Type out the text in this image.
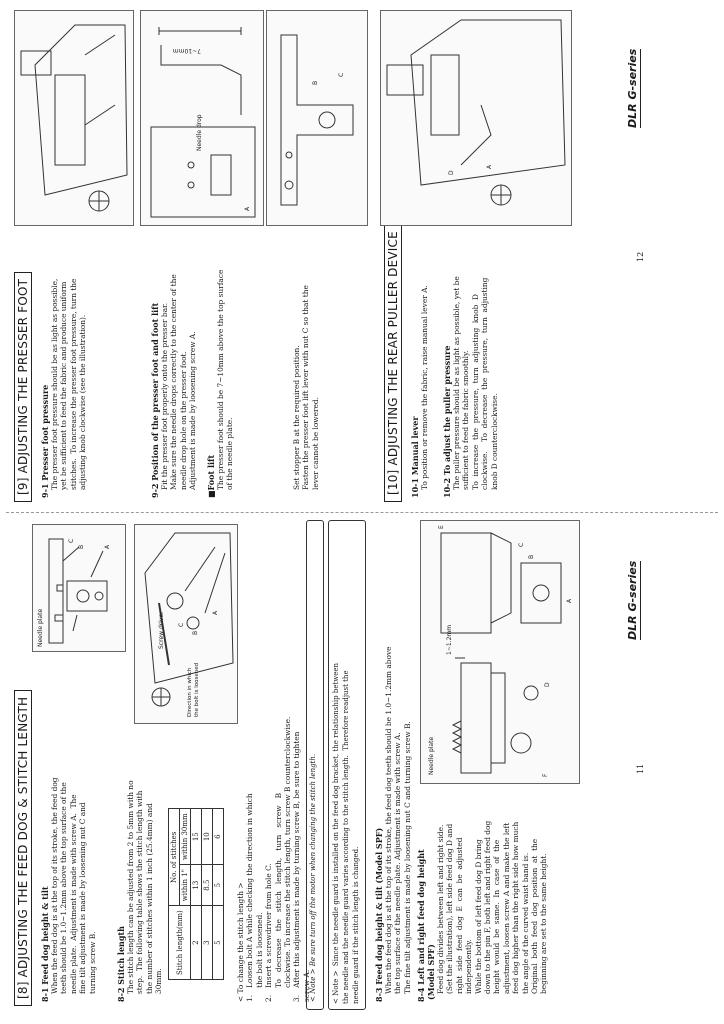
[8] ADJUSTING THE FEED DOG & STITCH LENGTH 8-1 Feed dog height & tilt When the feed dog is at the top of its stroke, the feed dog teeth should be 1.0~1.2mm above the top surface of the needle plate.  Adjustment is made with screw A.  The fine tilt adjustment is made by loosening nut C and turning screw B.
Needle plate
B
C
A
8-2 Stitch length The stitch length can be adjusted from 2 to 5mm with no step.  The following table shows the stitch length with the number of stitches within 1 inch (25.4mm) and 30mm.
Stitch length(mm)	No. of stitches	
	within 1"	within 30mm
2	13	15
3	8.5	10
5	5	6
Screw driver C
B
A
Direction in which the bolt is loosened
< To change the stitch length > 1.   Loosen bolt A while checking the direction in which the bolt is loosened. 2.   Insert a screwdriver from hole C. To   decrease   the   stitch   length,   turn   screw   B
clockwise. To increase the stitch length, turn screw B counterclockwise. 3.   After this adjustment is made by turning screw B, be sure to tighten screw A.
< Note > Be sure turn off the motor when changing the stitch length. < Note >  Since the needle guard is installed on the feed dog bracket, the relationship between the needle and the needle guard varies according to the stitch length.  Therefore readjust the needle guard if the stitch length is changed. 8-3 Feed dog height & tilt (Model SPF) When the feed dog is at the top of its stroke, the feed dog teeth should be 1.0~1.2mm above the top surface of the needle plate. Adjustment is made with screw A. The fine tilt adjustment is made by loosening nut C and turning screw B. 8-4 Left and right feed dog height (Model SPF) Feed dog divides between left and right side. (Set the illustration), left side feed dog D and right  side  feed  dog  E  can  be  adjusted independently. While the bottom of left feed dog D bring down to the pin F, both left and right feed dog height  would  be  same.  In  case  of  the adjustment, loosen screw A and make the left feed dog higher than the right side how much the angle of the curved waist band is. Original  both  feed  dog  position  at  the beginning are set to the same height.
Needle plate
1~1.2mm
F
D
E
C
B
A
11
DLR G-series
[9] ADJUSTING THE PRESSER FOOT 9-1 Presser foot pressure The presser foot pressure should be as light as possible, yet be sufficient to feed the fabric and produce uniform stitches.  To increase the presser foot pressure, turn the adjusting knob clockwise (see the illustration).	9-2 Position of the presser foot and foot lift Fit the presser foot properly onto the presser bar. Make sure the needle drops correctly to the center of the needle drop hole on the presser foot. Adjustment is made by loosening screw A. ■Foot lift The presser foot should be 7~10mm above the top surface of the needle plate.
Needle drop
A
7~10mm
B
C
Set stopper B at the required position. Fasten the presser foot lift lever with nut C so that the lever cannot be lowered.	[10] ADJUSTING THE REAR PULLER DEVICE 10-1 Manual lever To position or remove the fabric, raise manual lever A. 10-2 To adjust the puller pressure The puller pressure should be as light as possible, yet be sufficient to feed the fabric smoothly. To  increase  the  pressure,  turn  adjusting  knob  D clockwise.    To  decrease  the  pressure,  turn  adjusting knob D counterclockwise.
D
A
12
DLR G-series
